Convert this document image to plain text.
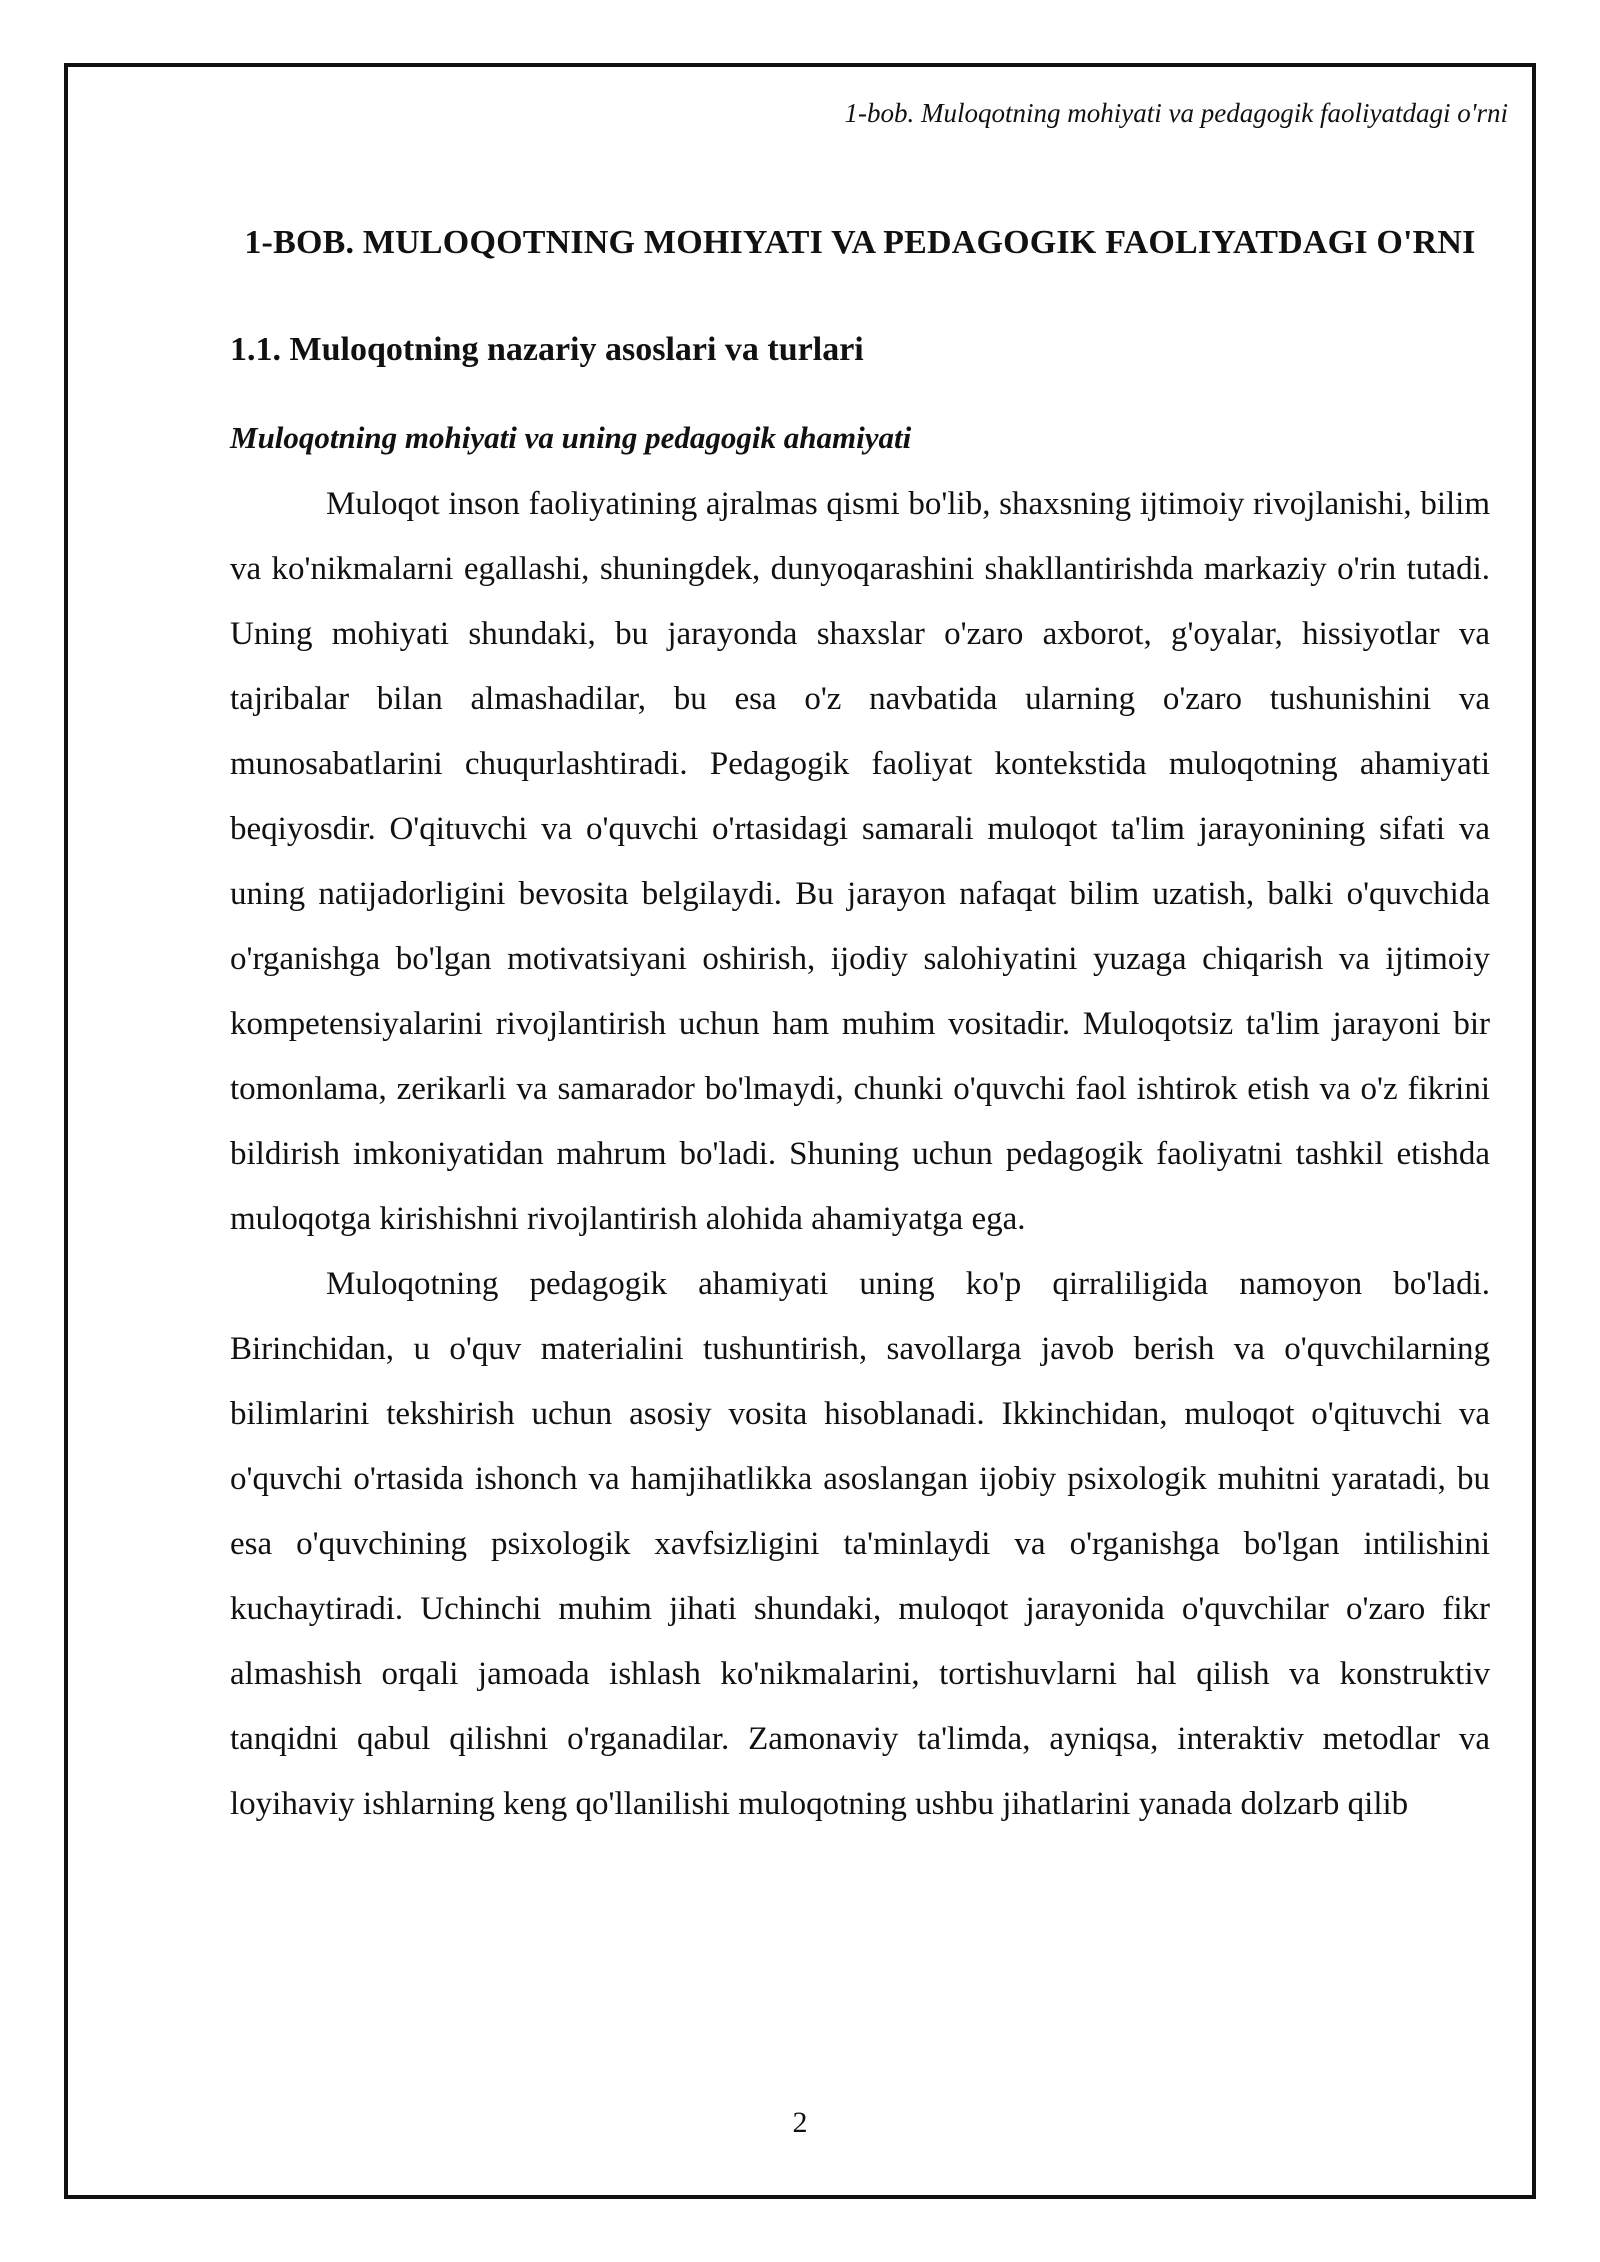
1-bob. Muloqotning mohiyati va pedagogik faoliyatdagi o'rni
1-BOB. MULOQOTNING MOHIYATI VA PEDAGOGIK FAOLIYATDAGI O'RNI
1.1. Muloqotning nazariy asoslari va turlari
Muloqotning mohiyati va uning pedagogik ahamiyati

Muloqot inson faoliyatining ajralmas qismi bo'lib, shaxsning ijtimoiy rivojlanishi, bilim va ko'nikmalarni egallashi, shuningdek, dunyoqarashini shakllantirishda markaziy o'rin tutadi. Uning mohiyati shundaki, bu jarayonda shaxslar o'zaro axborot, g'oyalar, hissiyotlar va tajribalar bilan almashadilar, bu esa o'z navbatida ularning o'zaro tushunishini va munosabatlarini chuqurlashtiradi. Pedagogik faoliyat kontekstida muloqotning ahamiyati beqiyosdir. O'qituvchi va o'quvchi o'rtasidagi samarali muloqot ta'lim jarayonining sifati va uning natijadorligini bevosita belgilaydi. Bu jarayon nafaqat bilim uzatish, balki o'quvchida o'rganishga bo'lgan motivatsiyani oshirish, ijodiy salohiyatini yuzaga chiqarish va ijtimoiy kompetensiyalarini rivojlantirish uchun ham muhim vositadir. Muloqotsiz ta'lim jarayoni bir tomonlama, zerikarli va samarador bo'lmaydi, chunki o'quvchi faol ishtirok etish va o'z fikrini bildirish imkoniyatidan mahrum bo'ladi. Shuning uchun pedagogik faoliyatni tashkil etishda muloqotga kirishishni rivojlantirish alohida ahamiyatga ega.

Muloqotning pedagogik ahamiyati uning ko'p qirraliligida namoyon bo'ladi. Birinchidan, u o'quv materialini tushuntirish, savollarga javob berish va o'quvchilarning bilimlarini tekshirish uchun asosiy vosita hisoblanadi. Ikkinchidan, muloqot o'qituvchi va o'quvchi o'rtasida ishonch va hamjihatlikka asoslangan ijobiy psixologik muhitni yaratadi, bu esa o'quvchining psixologik xavfsizligini ta'minlaydi va o'rganishga bo'lgan intilishini kuchaytiradi. Uchinchi muhim jihati shundaki, muloqot jarayonida o'quvchilar o'zaro fikr almashish orqali jamoada ishlash ko'nikmalarini, tortishuvlarni hal qilish va konstruktiv tanqidni qabul qilishni o'rganadilar. Zamonaviy ta'limda, ayniqsa, interaktiv metodlar va loyihaviy ishlarning keng qo'llanilishi muloqotning ushbu jihatlarini yanada dolzarb qilib

2
